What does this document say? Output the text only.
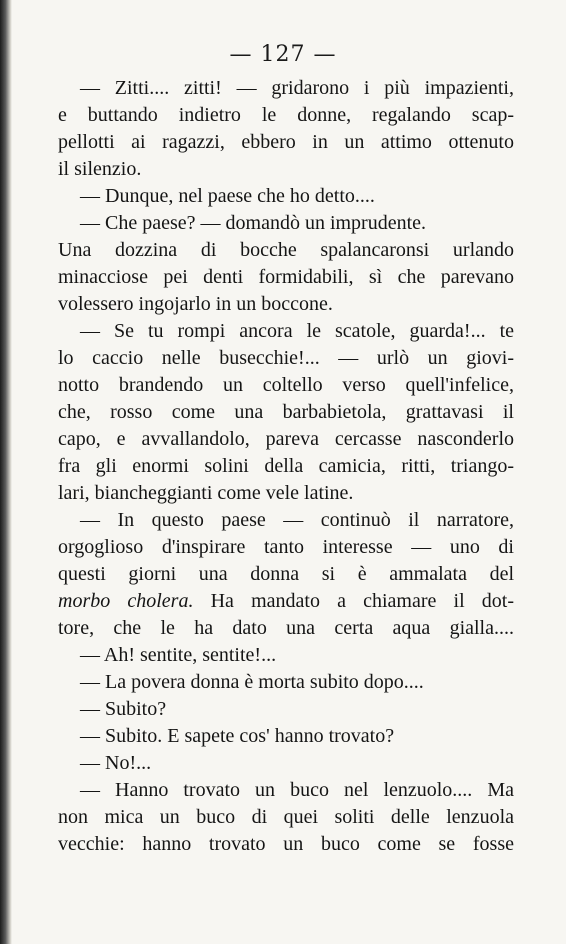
— 127 —
— Zitti.... zitti! — gridarono i più impazienti,
e buttando indietro le donne, regalando scap-
pellotti ai ragazzi, ebbero in un attimo ottenuto
il silenzio.
— Dunque, nel paese che ho detto....
— Che paese? — domandò un imprudente.
Una dozzina di bocche spalancaronsi urlando
minacciose pei denti formidabili, sì che parevano
volessero ingojarlo in un boccone.
— Se tu rompi ancora le scatole, guarda!... te
lo caccio nelle busecchie!... — urlò un giovi-
notto brandendo un coltello verso quell'infelice,
che, rosso come una barbabietola, grattavasi il
capo, e avvallandolo, pareva cercasse nasconderlo
fra gli enormi solini della camicia, ritti, triango-
lari, biancheggianti come vele latine.
— In questo paese — continuò il narratore,
orgoglioso d'inspirare tanto interesse — uno di
questi giorni una donna si è ammalata del
morbo cholera. Ha mandato a chiamare il dot-
tore, che le ha dato una certa aqua gialla....
— Ah! sentite, sentite!...
— La povera donna è morta subito dopo....
— Subito?
— Subito. E sapete cos' hanno trovato?
— No!...
— Hanno trovato un buco nel lenzuolo.... Ma
non mica un buco di quei soliti delle lenzuola
vecchie: hanno trovato un buco come se fosse
